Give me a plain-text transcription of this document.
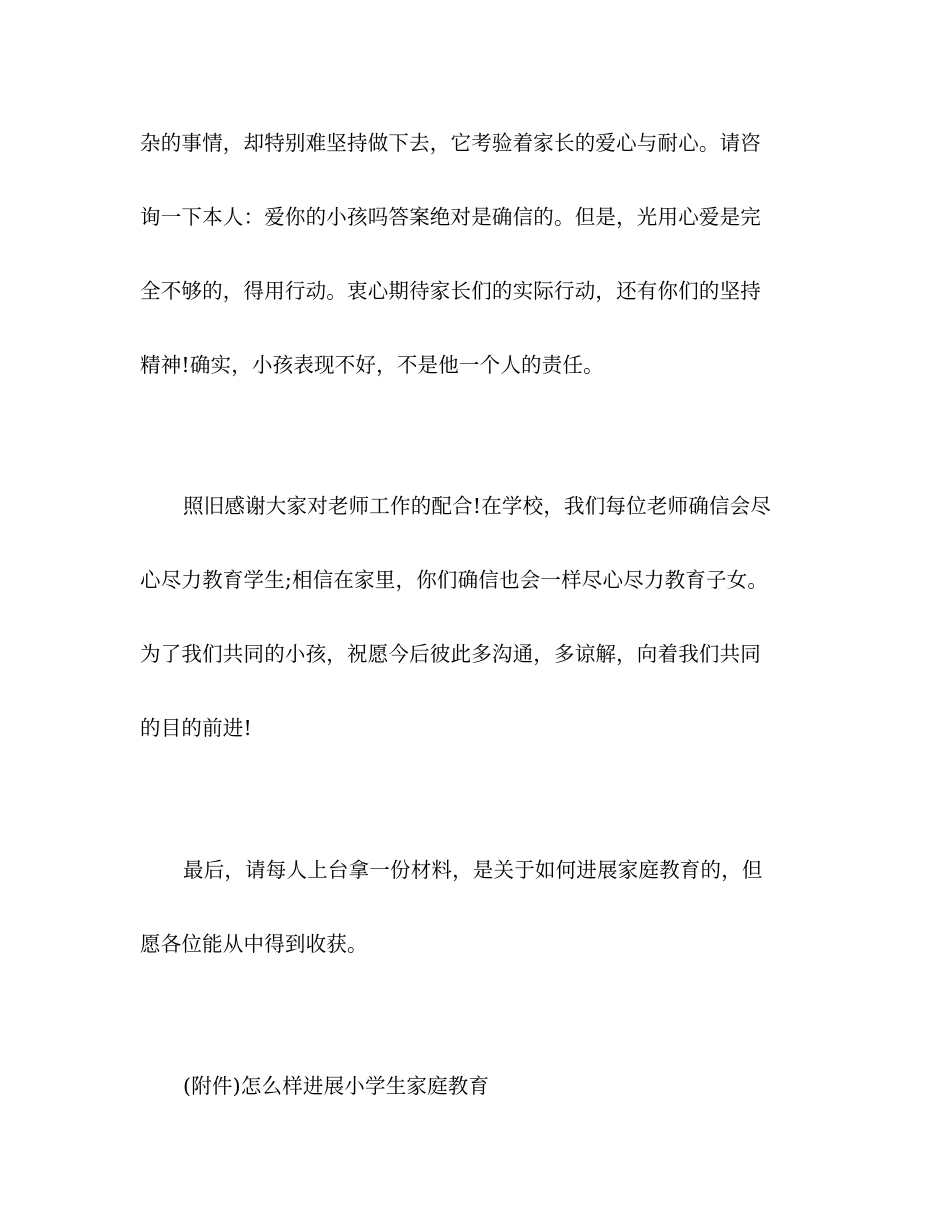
杂的事情，却特别难坚持做下去，它考验着家长的爱心与耐心。请咨
询一下本人：爱你的小孩吗答案绝对是确信的。但是，光用心爱是完
全不够的，得用行动。衷心期待家长们的实际行动，还有你们的坚持
精神!确实，小孩表现不好，不是他一个人的责任。
照旧感谢大家对老师工作的配合!在学校，我们每位老师确信会尽
心尽力教育学生;相信在家里，你们确信也会一样尽心尽力教育子女。
为了我们共同的小孩，祝愿今后彼此多沟通，多谅解，向着我们共同
的目的前进!
最后，请每人上台拿一份材料，是关于如何进展家庭教育的，但
愿各位能从中得到收获。
(附件)怎么样进展小学生家庭教育
